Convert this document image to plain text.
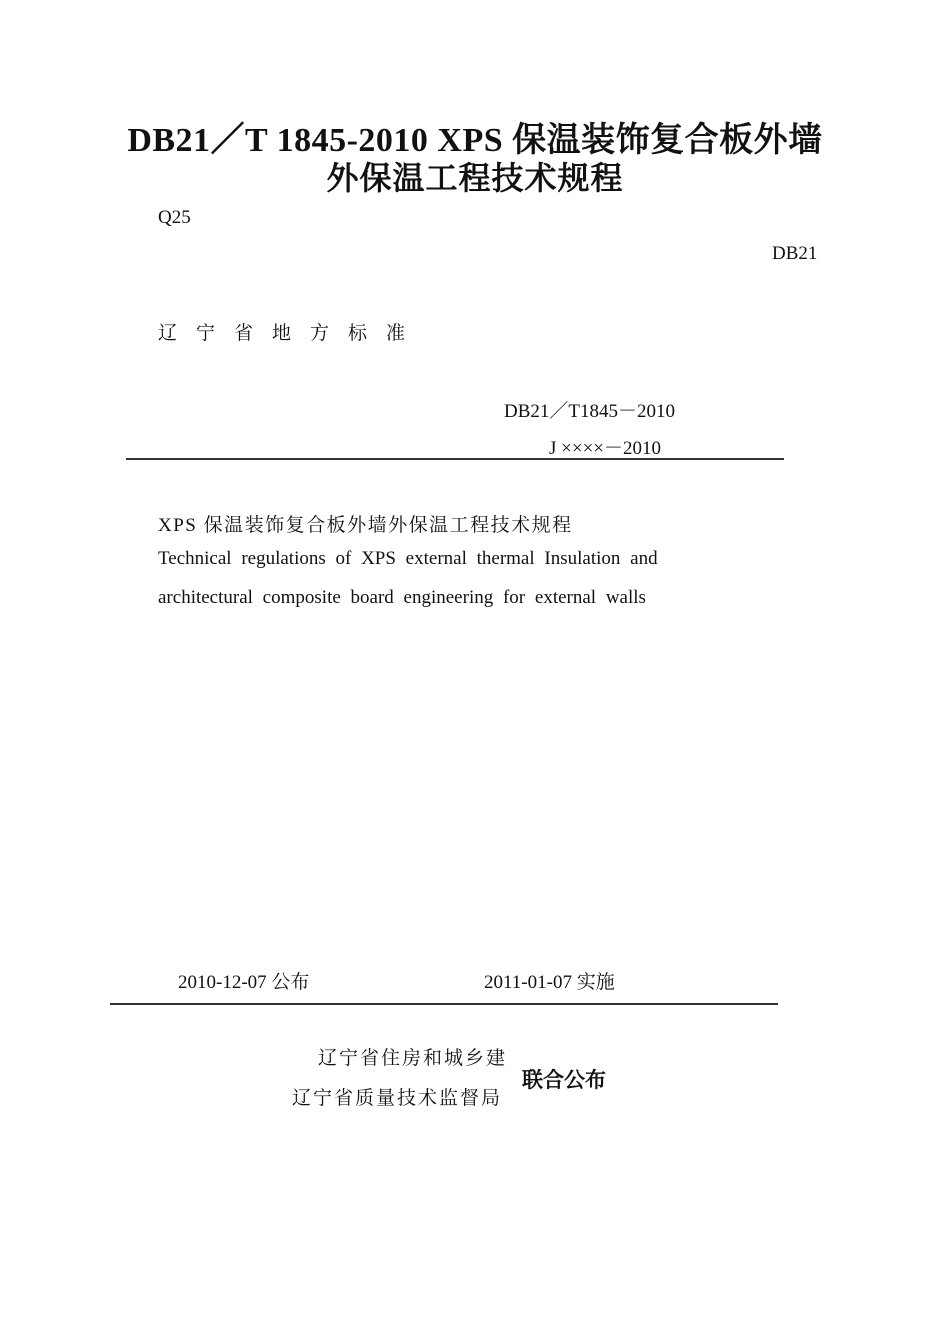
DB21／T 1845-2010 XPS 保温装饰复合板外墙
外保温工程技术规程
Q25
DB21
辽宁省地方标准
DB21／T1845－2010
J ××××－2010
XPS 保温装饰复合板外墙外保温工程技术规程
Technical regulations of XPS external thermal Insulation and
architectural composite board engineering for external walls
2010-12-07 公布	2011-01-07 实施
辽宁省住房和城乡建
辽宁省质量技术监督局
联合公布
